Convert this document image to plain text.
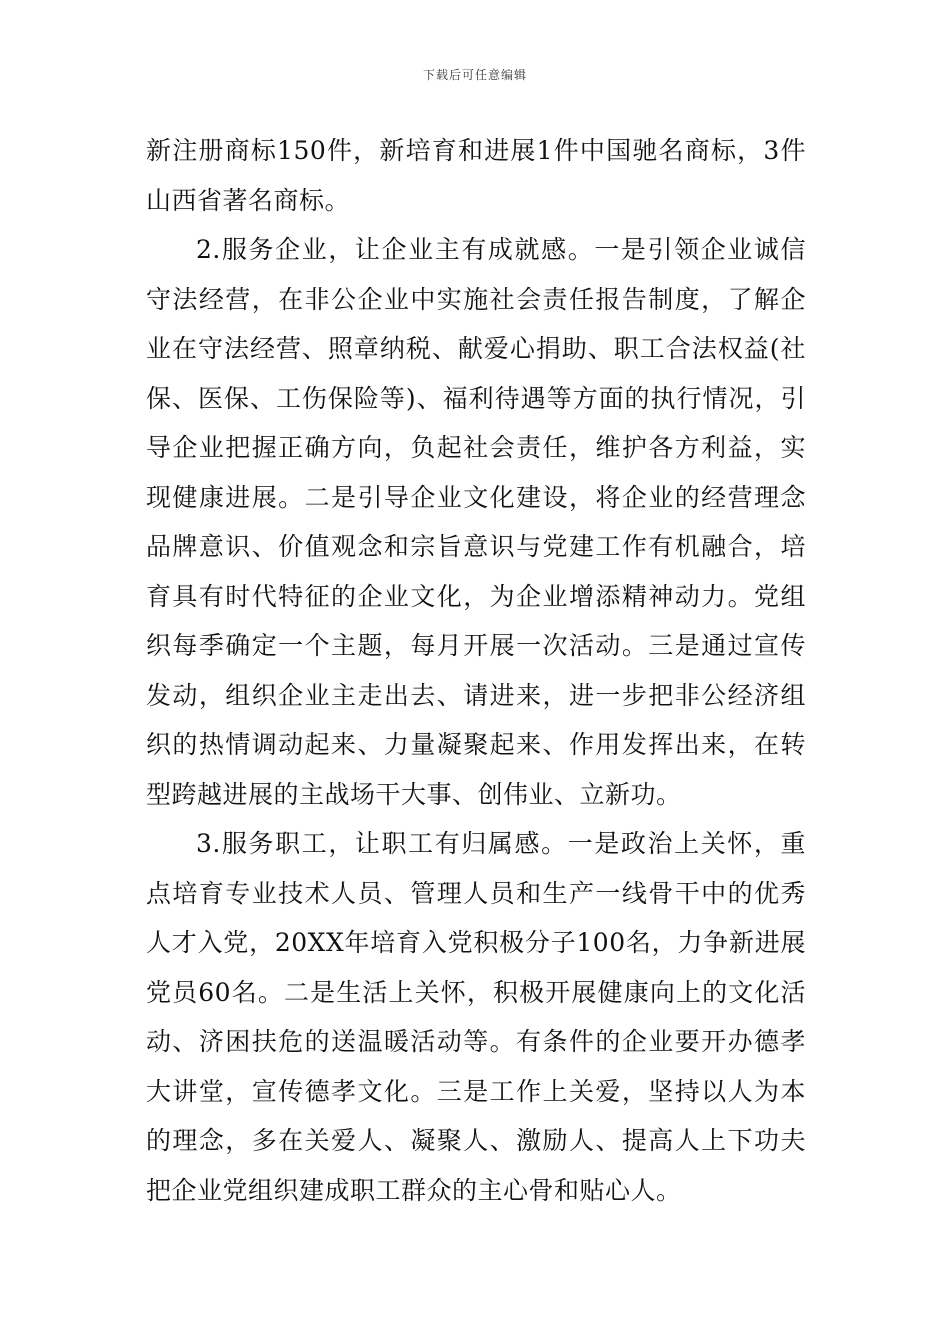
下载后可任意编辑

新注册商标150件，新培育和进展1件中国驰名商标，3件山西省著名商标。

2.服务企业，让企业主有成就感。一是引领企业诚信守法经营，在非公企业中实施社会责任报告制度，了解企业在守法经营、照章纳税、献爱心捐助、职工合法权益(社保、医保、工伤保险等)、福利待遇等方面的执行情况，引导企业把握正确方向，负起社会责任，维护各方利益，实现健康进展。二是引导企业文化建设，将企业的经营理念品牌意识、价值观念和宗旨意识与党建工作有机融合，培育具有时代特征的企业文化，为企业增添精神动力。党组织每季确定一个主题，每月开展一次活动。三是通过宣传发动，组织企业主走出去、请进来，进一步把非公经济组织的热情调动起来、力量凝聚起来、作用发挥出来，在转型跨越进展的主战场干大事、创伟业、立新功。

3.服务职工，让职工有归属感。一是政治上关怀，重点培育专业技术人员、管理人员和生产一线骨干中的优秀人才入党，20XX年培育入党积极分子100名，力争新进展党员60名。二是生活上关怀，积极开展健康向上的文化活动、济困扶危的送温暖活动等。有条件的企业要开办德孝大讲堂，宣传德孝文化。三是工作上关爱，坚持以人为本的理念，多在关爱人、凝聚人、激励人、提高人上下功夫把企业党组织建成职工群众的主心骨和贴心人。
